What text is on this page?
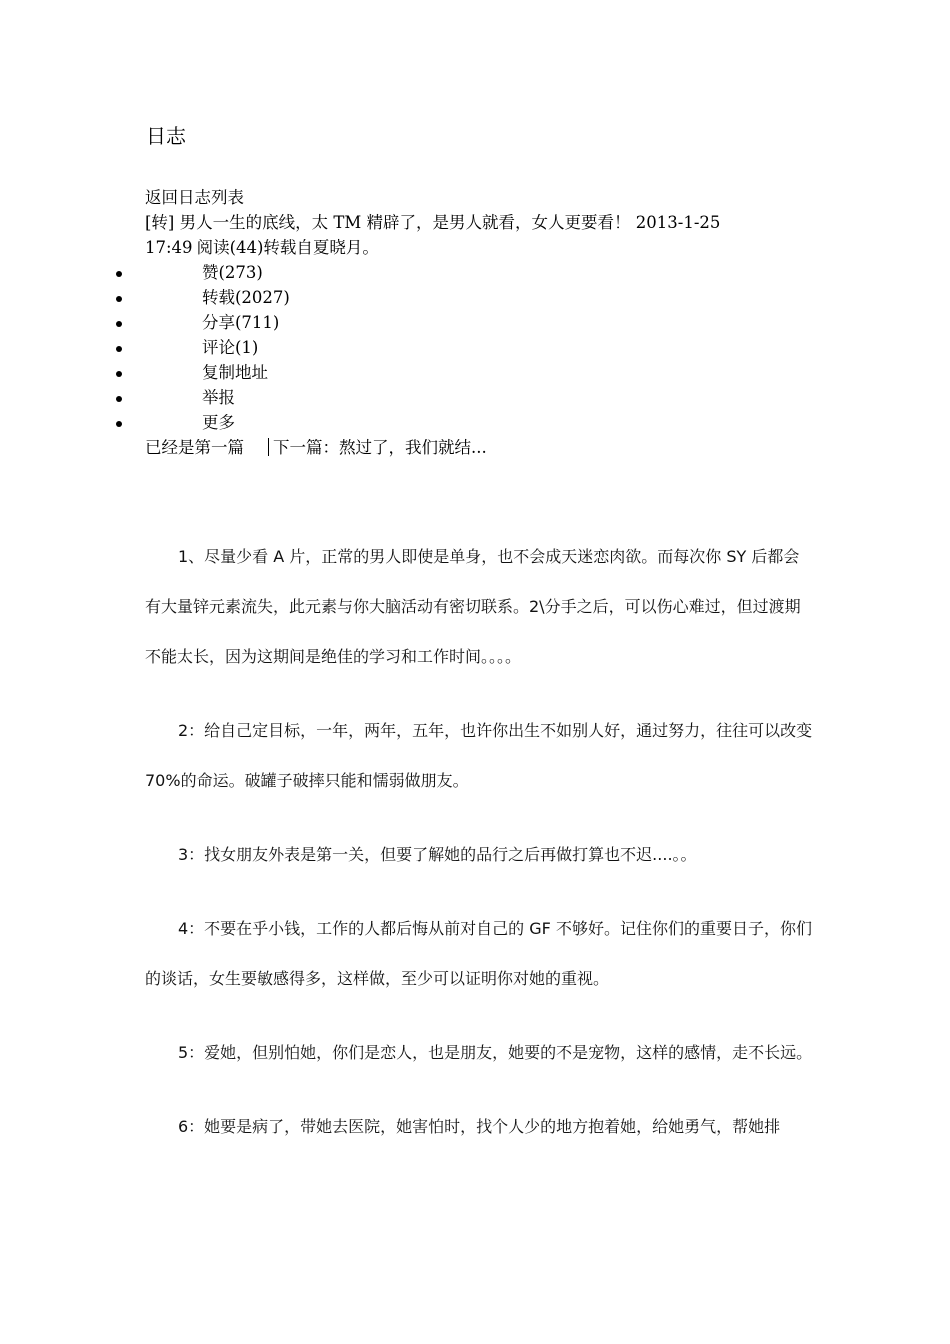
日志
返回日志列表
[转] 男人一生的底线，太 TM 精辟了，是男人就看，女人更要看！ 2013-1-25
17:49 阅读(44)转载自夏晓月。
赞(273)
转载(2027)
分享(711)
评论(1)
复制地址
举报
更多
已经是第一篇 下一篇：熬过了，我们就结...

1、尽量少看 A 片，正常的男人即使是单身，也不会成天迷恋肉欲。而每次你 SY 后都会有大量锌元素流失，此元素与你大脑活动有密切联系。2\分手之后，可以伤心难过，但过渡期不能太长，因为这期间是绝佳的学习和工作时间。。。。

2：给自己定目标，一年，两年，五年，也许你出生不如别人好，通过努力，往往可以改变 70%的命运。破罐子破摔只能和懦弱做朋友。

3：找女朋友外表是第一关，但要了解她的品行之后再做打算也不迟....。。

4：不要在乎小钱，工作的人都后悔从前对自己的 GF 不够好。记住你们的重要日子，你们的谈话，女生要敏感得多，这样做，至少可以证明你对她的重视。

5：爱她，但别怕她，你们是恋人，也是朋友，她要的不是宠物，这样的感情，走不长远。

6：她要是病了，带她去医院，她害怕时，找个人少的地方抱着她，给她勇气，帮她排
